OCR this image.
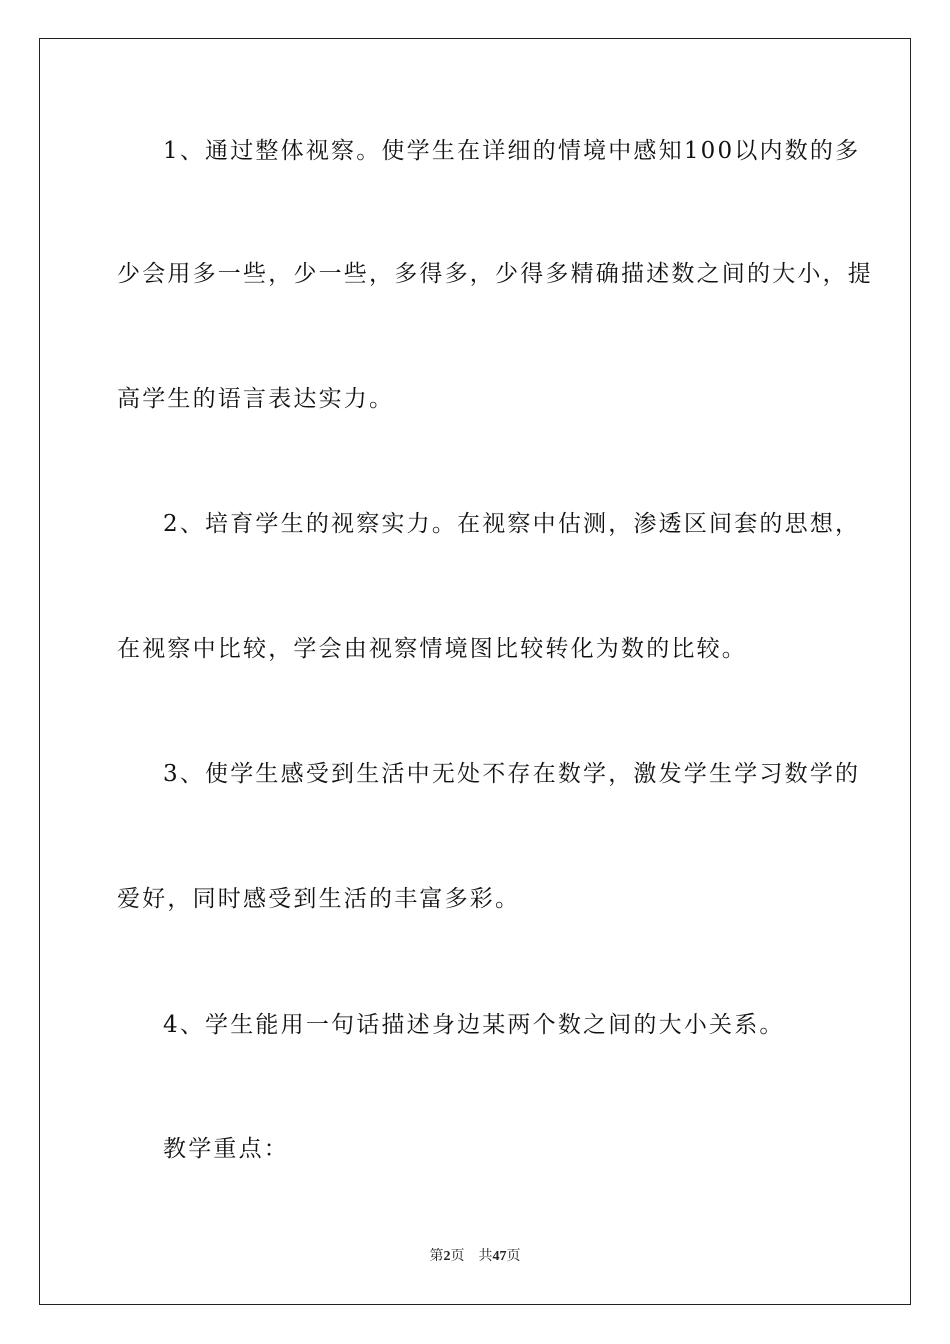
1、通过整体视察。使学生在详细的情境中感知100以内数的多
少会用多一些，少一些，多得多，少得多精确描述数之间的大小，提
高学生的语言表达实力。
2、培育学生的视察实力。在视察中估测，渗透区间套的思想，
在视察中比较，学会由视察情境图比较转化为数的比较。
3、使学生感受到生活中无处不存在数学，激发学生学习数学的
爱好，同时感受到生活的丰富多彩。
4、学生能用一句话描述身边某两个数之间的大小关系。
教学重点：
第2页 共47页
